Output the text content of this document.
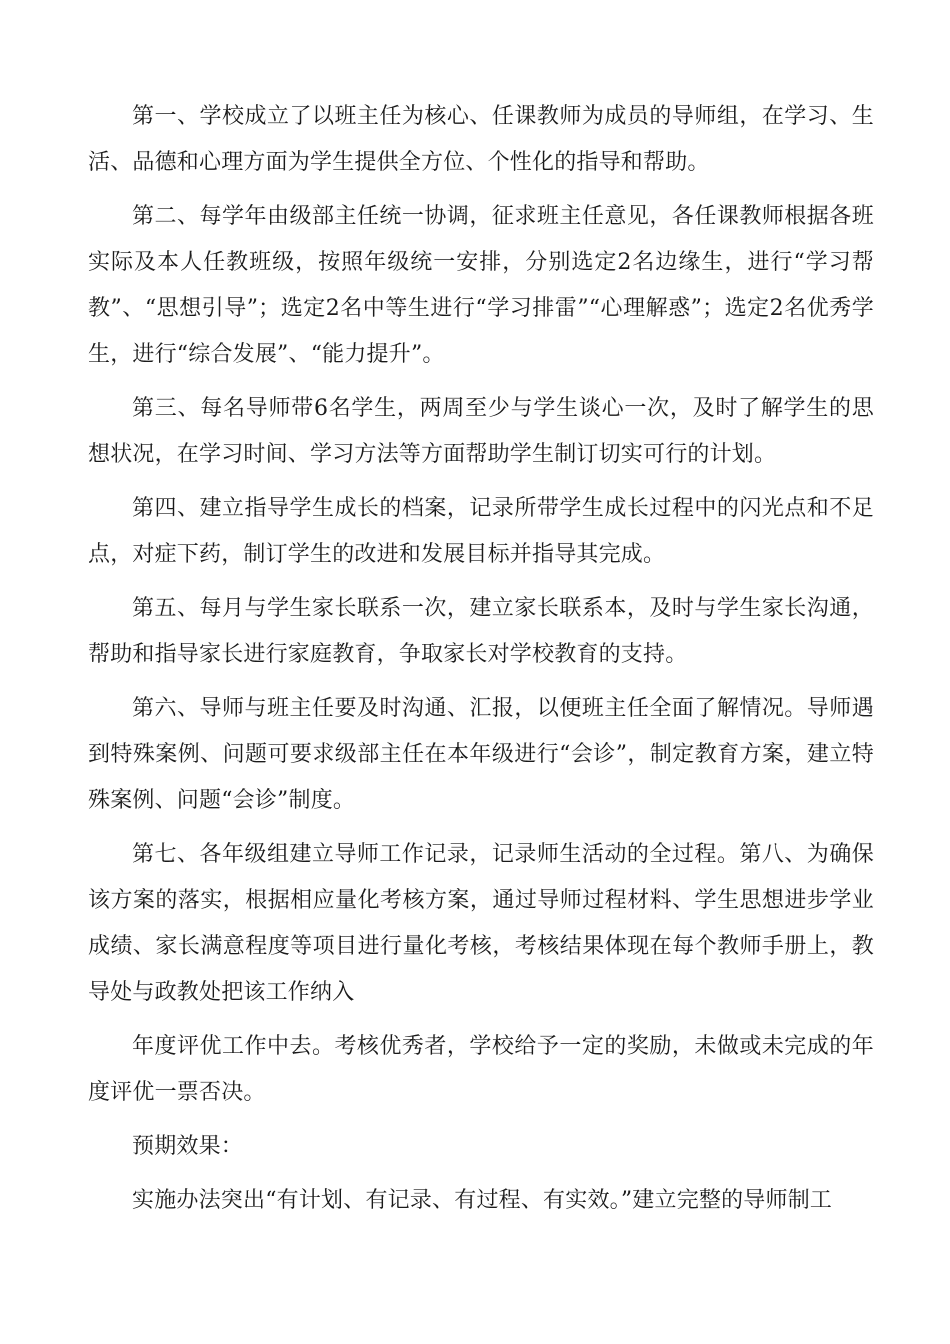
第一、学校成立了以班主任为核心、任课教师为成员的导师组，在学习、生活、品德和心理方面为学生提供全方位、个性化的指导和帮助。

第二、每学年由级部主任统一协调，征求班主任意见，各任课教师根据各班实际及本人任教班级，按照年级统一安排，分别选定2名边缘生，进行“学习帮教”、“思想引导”；选定2名中等生进行“学习排雷”“心理解惑”；选定2名优秀学生，进行“综合发展”、“能力提升”。

第三、每名导师带6名学生，两周至少与学生谈心一次，及时了解学生的思想状况，在学习时间、学习方法等方面帮助学生制订切实可行的计划。

第四、建立指导学生成长的档案，记录所带学生成长过程中的闪光点和不足点，对症下药，制订学生的改进和发展目标并指导其完成。

第五、每月与学生家长联系一次，建立家长联系本，及时与学生家长沟通，帮助和指导家长进行家庭教育，争取家长对学校教育的支持。

第六、导师与班主任要及时沟通、汇报，以便班主任全面了解情况。导师遇到特殊案例、问题可要求级部主任在本年级进行“会诊”，制定教育方案，建立特殊案例、问题“会诊”制度。

第七、各年级组建立导师工作记录，记录师生活动的全过程。第八、为确保该方案的落实，根据相应量化考核方案，通过导师过程材料、学生思想进步学业成绩、家长满意程度等项目进行量化考核，考核结果体现在每个教师手册上，教导处与政教处把该工作纳入

年度评优工作中去。考核优秀者，学校给予一定的奖励，未做或未完成的年度评优一票否决。

预期效果：

实施办法突出“有计划、有记录、有过程、有实效。”建立完整的导师制工
